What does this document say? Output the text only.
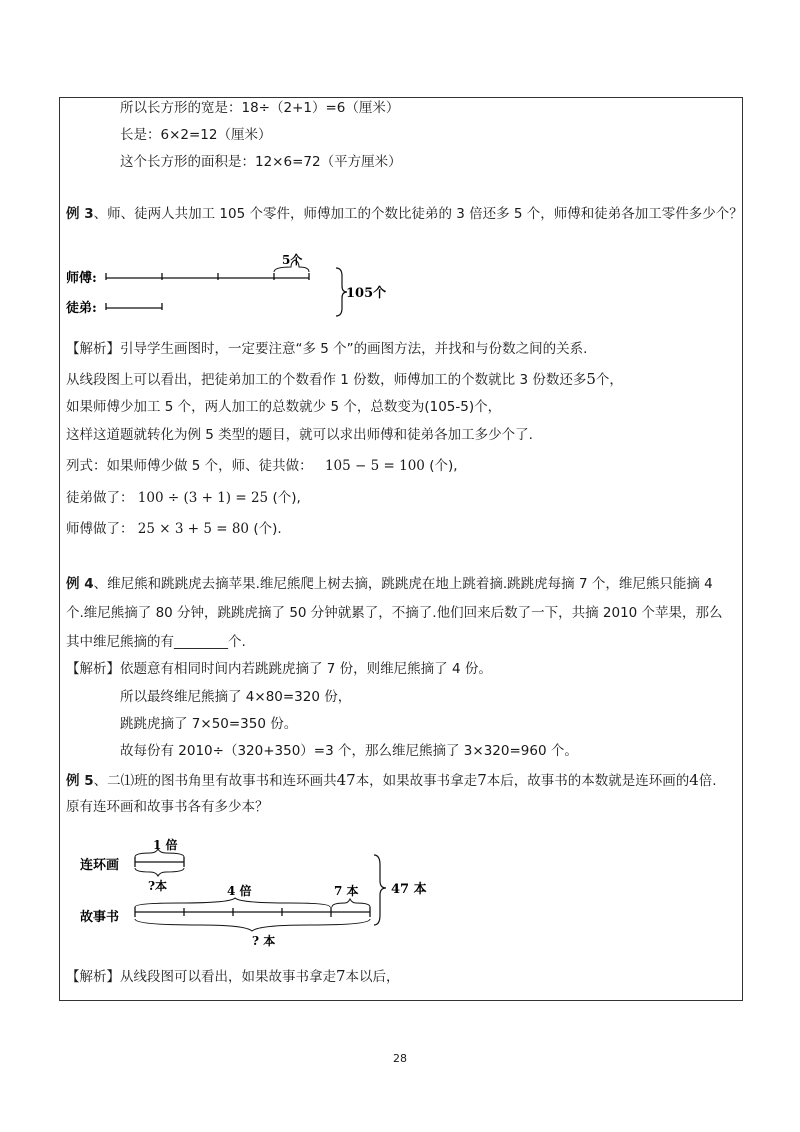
所以长方形的宽是：18÷（2+1）=6（厘米）
长是：6×2=12（厘米）
这个长方形的面积是：12×6=72（平方厘米）
例 3、师、徒两人共加工 105 个零件，师傅加工的个数比徒弟的 3 倍还多 5 个，师傅和徒弟各加工零件多少个？
师傅:
徒弟:
5个
105个
【解析】引导学生画图时，一定要注意“多 5 个”的画图方法，并找和与份数之间的关系.
从线段图上可以看出，把徒弟加工的个数看作 1 份数，师傅加工的个数就比 3 份数还多5个，
如果师傅少加工 5 个，两人加工的总数就少 5 个，总数变为(105-5)个，
这样这道题就转化为例 5 类型的题目，就可以求出师傅和徒弟各加工多少个了.
列式：如果师傅少做 5 个，师、徒共做： 105 − 5 = 100 (个),
徒弟做了： 100 ÷ (3 + 1) = 25 (个),
师傅做了： 25 × 3 + 5 = 80 (个).
例 4、维尼熊和跳跳虎去摘苹果.维尼熊爬上树去摘，跳跳虎在地上跳着摘.跳跳虎每摘 7 个，维尼熊只能摘 4
个.维尼熊摘了 80 分钟，跳跳虎摘了 50 分钟就累了，不摘了.他们回来后数了一下，共摘 2010 个苹果，那么
其中维尼熊摘的有________个.
【解析】依题意有相同时间内若跳跳虎摘了 7 份，则维尼熊摘了 4 份。
所以最终维尼熊摘了 4×80=320 份，
跳跳虎摘了 7×50=350 份。
故每份有 2010÷（320+350）=3 个，那么维尼熊摘了 3×320=960 个。
例 5、二⑴班的图书角里有故事书和连环画共47本，如果故事书拿走7本后，故事书的本数就是连环画的4倍.
原有连环画和故事书各有多少本？
连环画
故事书
1 倍
?本	4 倍	7 本
? 本
47 本
【解析】从线段图可以看出，如果故事书拿走7本以后，
28
